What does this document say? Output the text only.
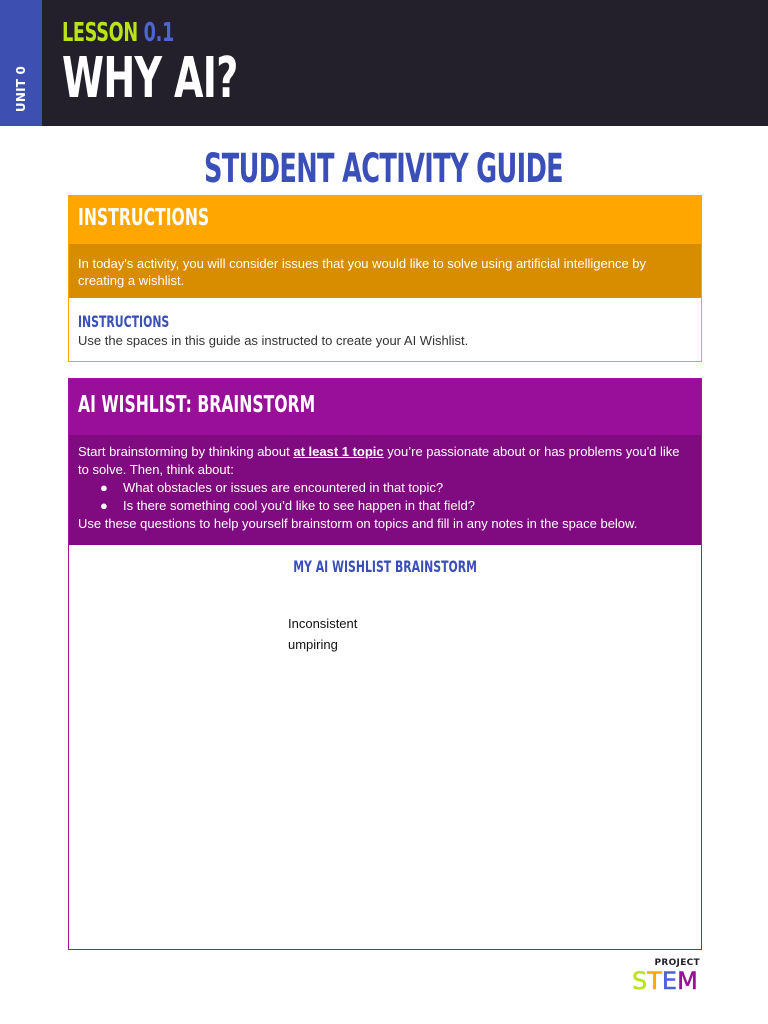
UNIT 0
LESSON 0.1
WHY AI?
STUDENT ACTIVITY GUIDE
INSTRUCTIONS

In today's activity, you will consider issues that you would like to solve using artificial intelligence by creating a wishlist.

INSTRUCTIONS
Use the spaces in this guide as instructed to create your AI Wishlist.
AI WISHLIST: BRAINSTORM

Start brainstorming by thinking about at least 1 topic you’re passionate about or has problems you'd like to solve. Then, think about:

● What obstacles or issues are encountered in that topic?
● Is there something cool you’d like to see happen in that field?

Use these questions to help yourself brainstorm on topics and fill in any notes in the space below.

MY AI WISHLIST BRAINSTORM
Inconsistent
umpiring
PROJECT
STEM
